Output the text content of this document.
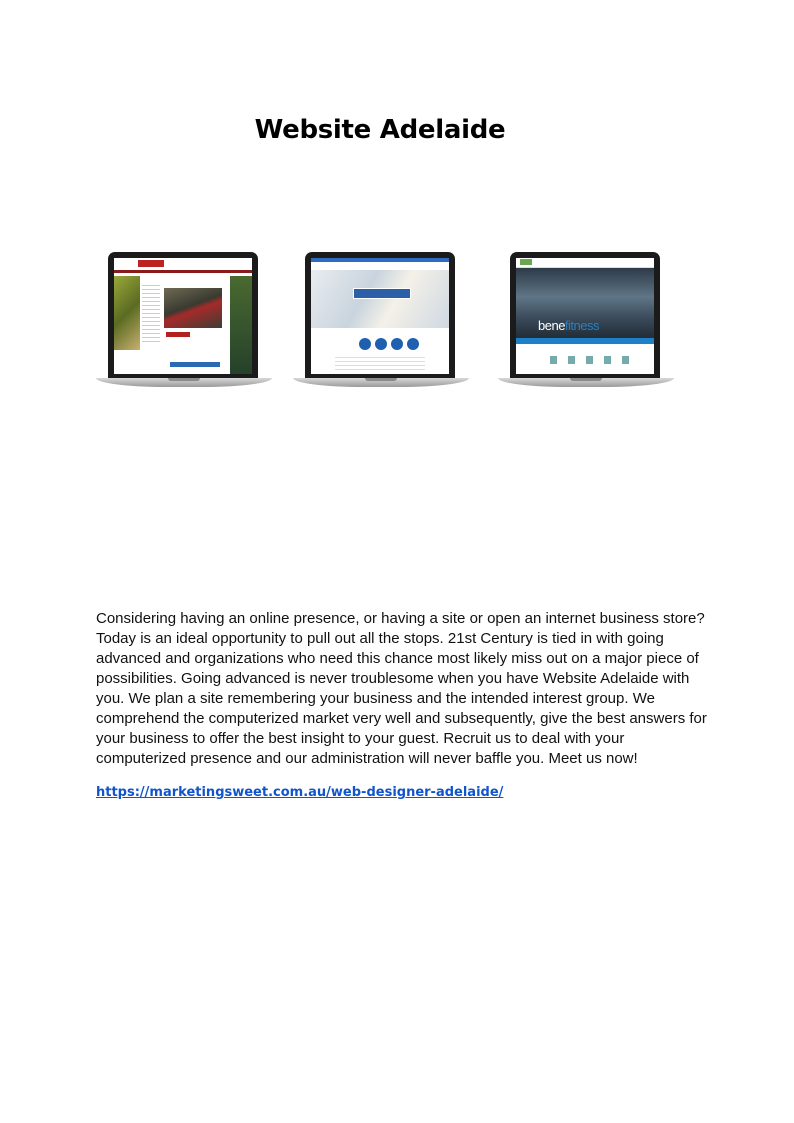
Website Adelaide
benefitness

Considering having an online presence, or having a site or open an internet business store? Today is an ideal opportunity to pull out all the stops. 21st Century is tied in with going advanced and organizations who need this chance most likely miss out on a major piece of possibilities. Going advanced is never troublesome when you have Website Adelaide with you. We plan a site remembering your business and the intended interest group. We comprehend the computerized market very well and subsequently, give the best answers for your business to offer the best insight to your guest. Recruit us to deal with your computerized presence and our administration will never baffle you. Meet us now!

https://marketingsweet.com.au/web-designer-adelaide/
